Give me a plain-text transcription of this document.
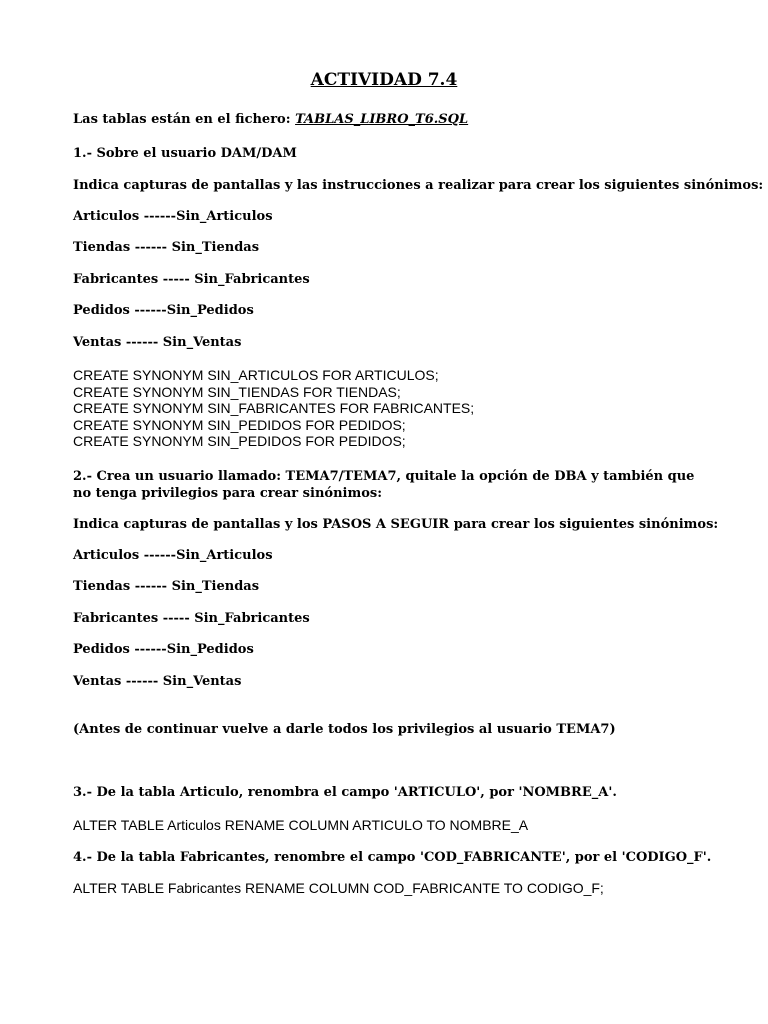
ACTIVIDAD 7.4
Las tablas están en el fichero: TABLAS_LIBRO_T6.SQL
1.- Sobre el usuario DAM/DAM
Indica capturas de pantallas y las instrucciones a realizar para crear los siguientes sinónimos:
Articulos ------Sin_Articulos
Tiendas ------ Sin_Tiendas
Fabricantes ----- Sin_Fabricantes
Pedidos ------Sin_Pedidos
Ventas ------ Sin_Ventas
CREATE SYNONYM SIN_ARTICULOS FOR ARTICULOS;
CREATE SYNONYM SIN_TIENDAS FOR TIENDAS;
CREATE SYNONYM SIN_FABRICANTES FOR FABRICANTES;
CREATE SYNONYM SIN_PEDIDOS FOR PEDIDOS;
CREATE SYNONYM SIN_PEDIDOS FOR PEDIDOS;
2.- Crea un usuario llamado: TEMA7/TEMA7, quitale la opción de DBA y también que no tenga privilegios para crear sinónimos:
Indica capturas de pantallas y los PASOS A SEGUIR para crear los siguientes sinónimos:
Articulos ------Sin_Articulos
Tiendas ------ Sin_Tiendas
Fabricantes ----- Sin_Fabricantes
Pedidos ------Sin_Pedidos
Ventas ------ Sin_Ventas
(Antes de continuar vuelve a darle todos los privilegios al usuario TEMA7)
3.- De la tabla Articulo, renombra el campo 'ARTICULO', por 'NOMBRE_A'.
ALTER TABLE Articulos RENAME COLUMN ARTICULO TO NOMBRE_A
4.- De la tabla Fabricantes, renombre el campo 'COD_FABRICANTE', por el 'CODIGO_F'.
ALTER TABLE Fabricantes RENAME COLUMN COD_FABRICANTE TO CODIGO_F;
